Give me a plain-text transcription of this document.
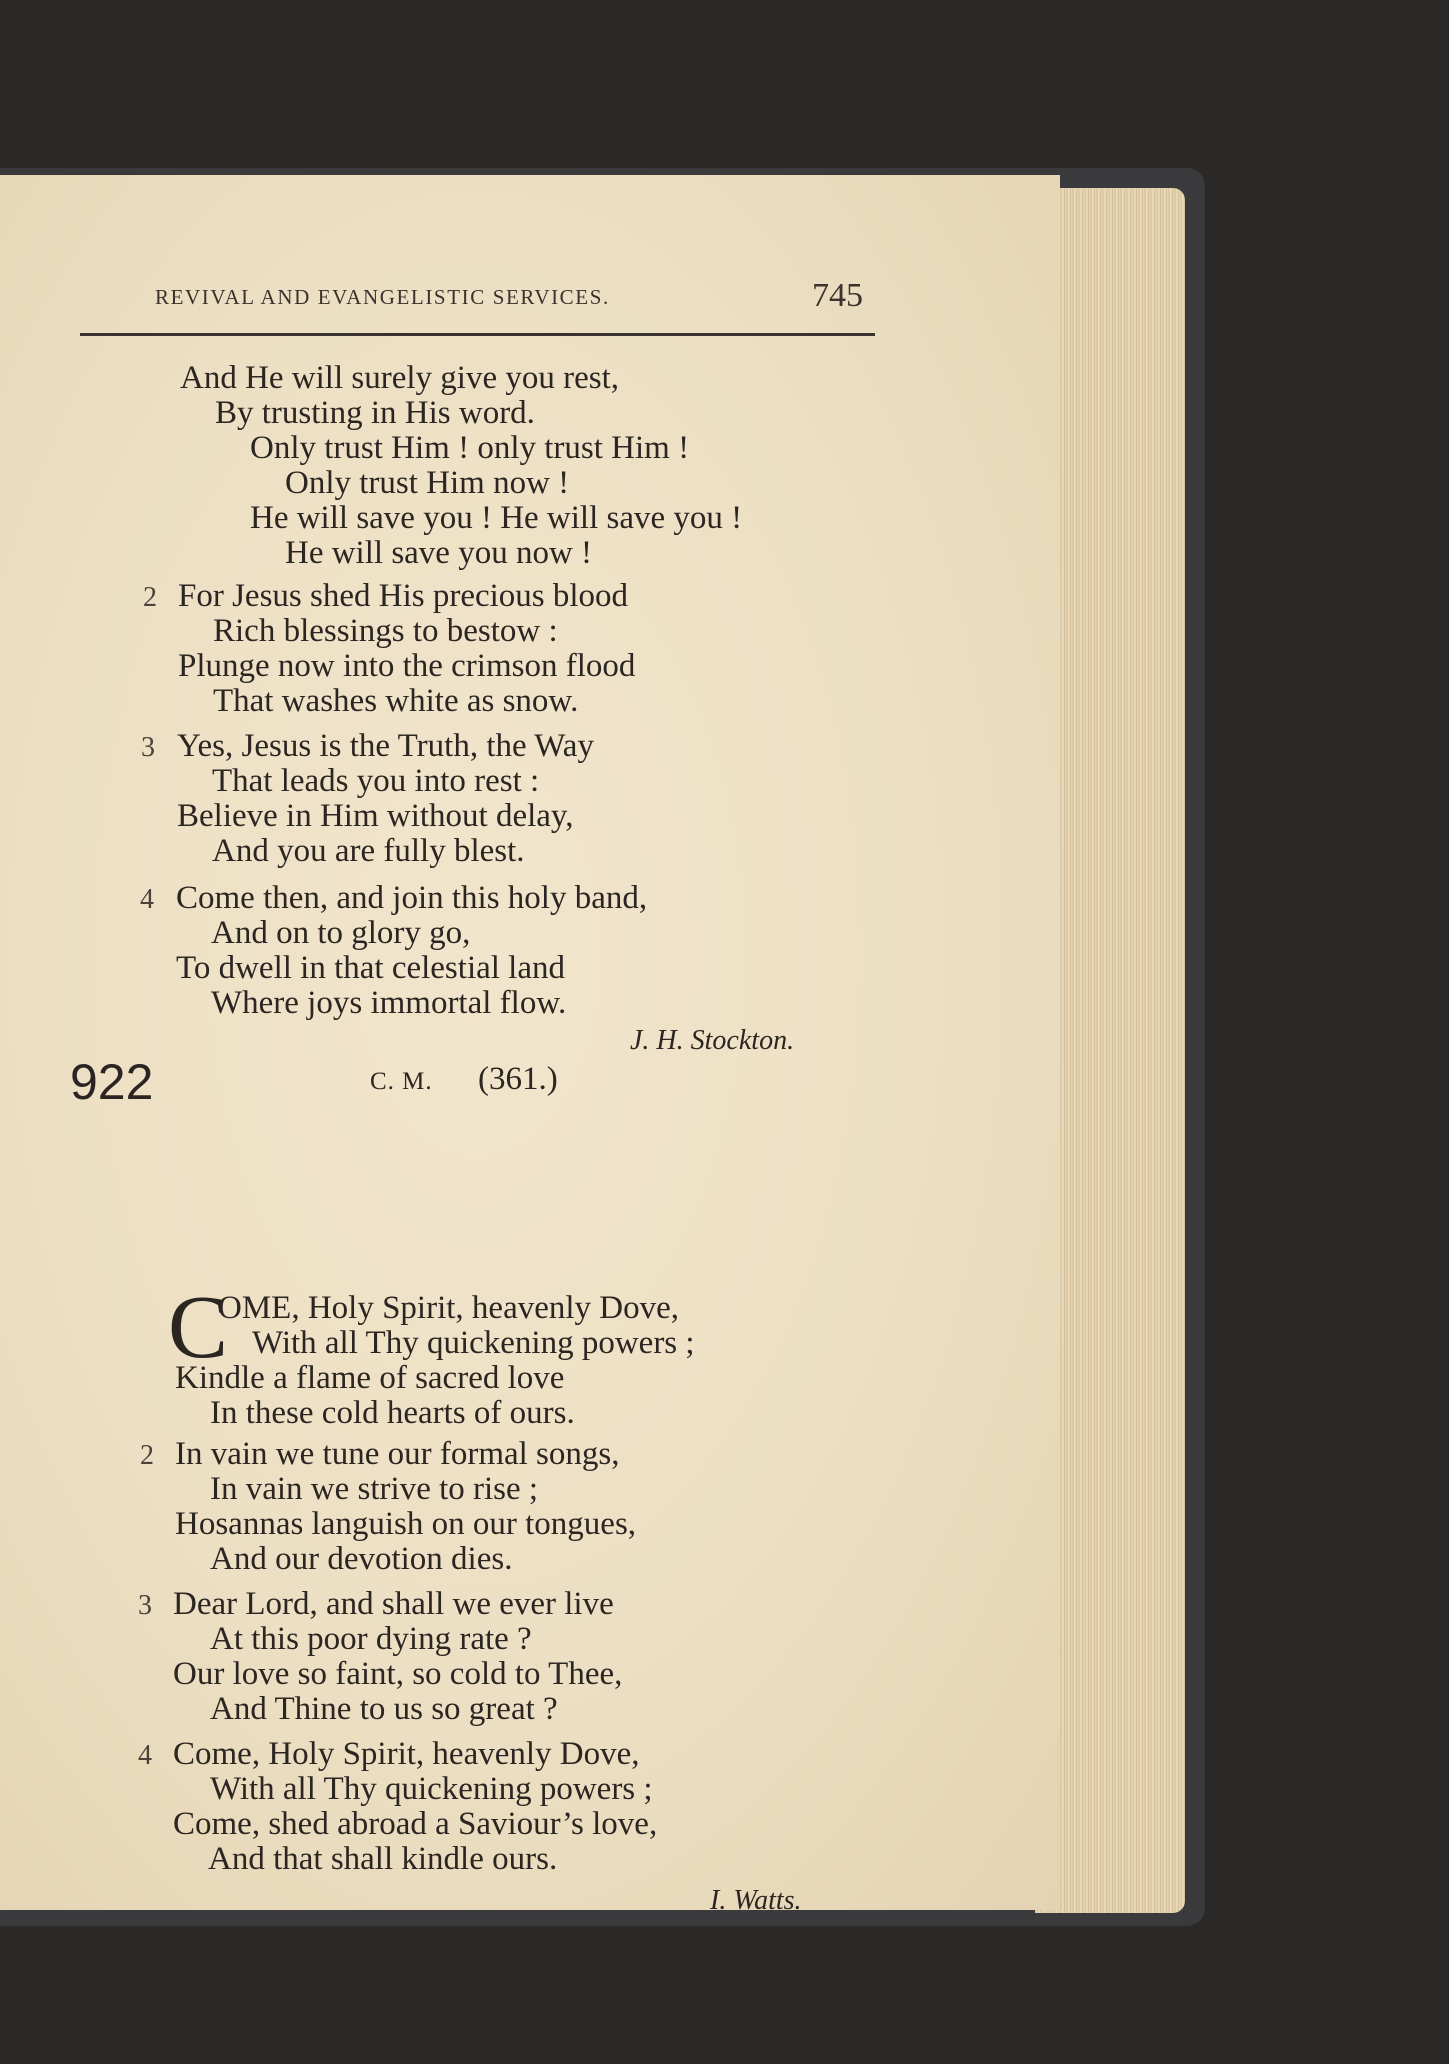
REVIVAL AND EVANGELISTIC SERVICES.	745
And He will surely give you rest,
By trusting in His word.
Only trust Him ! only trust Him !
Only trust Him now !
He will save you ! He will save you !
He will save you now !
2 For Jesus shed His precious blood
Rich blessings to bestow :
Plunge now into the crimson flood
That washes white as snow.
3 Yes, Jesus is the Truth, the Way
That leads you into rest :
Believe in Him without delay,
And you are fully blest.
4 Come then, and join this holy band,
And on to glory go,
To dwell in that celestial land
Where joys immortal flow.
J. H. Stockton.
922	C. M. (361.)
C
OME, Holy Spirit, heavenly Dove,
With all Thy quickening powers ;
Kindle a flame of sacred love
In these cold hearts of ours.
2 In vain we tune our formal songs,
In vain we strive to rise ;
Hosannas languish on our tongues,
And our devotion dies.
3 Dear Lord, and shall we ever live
At this poor dying rate ?
Our love so faint, so cold to Thee,
And Thine to us so great ?
4 Come, Holy Spirit, heavenly Dove,
With all Thy quickening powers ;
Come, shed abroad a Saviour’s love,
And that shall kindle ours.
I. Watts.
